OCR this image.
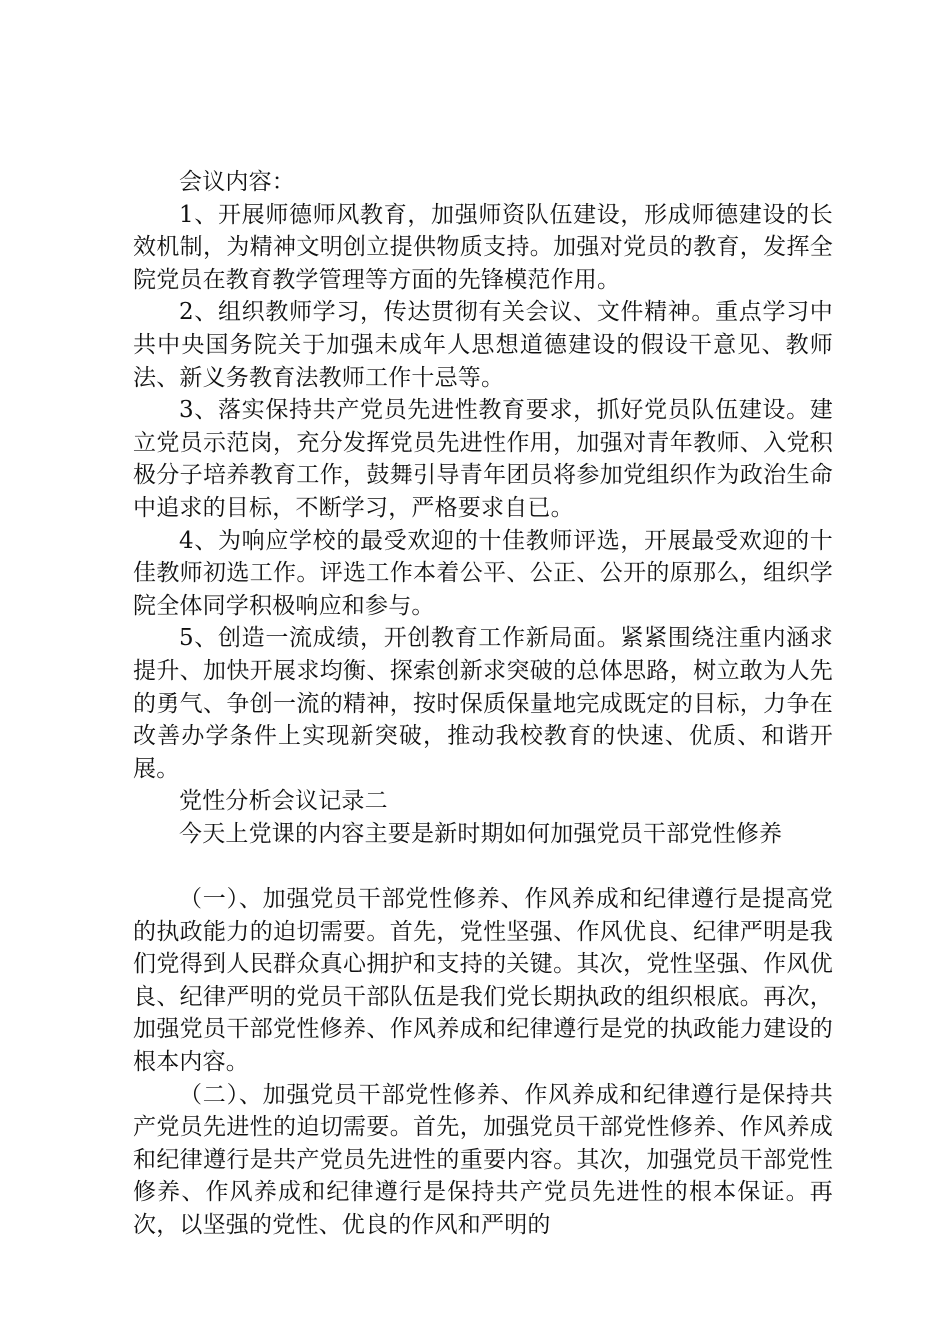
会议内容：

1、开展师德师风教育，加强师资队伍建设，形成师德建设的长效机制，为精神文明创立提供物质支持。加强对党员的教育，发挥全院党员在教育教学管理等方面的先锋模范作用。

2、组织教师学习，传达贯彻有关会议、文件精神。重点学习中共中央国务院关于加强未成年人思想道德建设的假设干意见、教师法、新义务教育法教师工作十忌等。

3、落实保持共产党员先进性教育要求，抓好党员队伍建设。建立党员示范岗，充分发挥党员先进性作用，加强对青年教师、入党积极分子培养教育工作，鼓舞引导青年团员将参加党组织作为政治生命中追求的目标，不断学习，严格要求自已。

4、为响应学校的最受欢迎的十佳教师评选，开展最受欢迎的十佳教师初选工作。评选工作本着公平、公正、公开的原那么，组织学院全体同学积极响应和参与。

5、创造一流成绩，开创教育工作新局面。紧紧围绕注重内涵求提升、加快开展求均衡、探索创新求突破的总体思路，树立敢为人先的勇气、争创一流的精神，按时保质保量地完成既定的目标，力争在改善办学条件上实现新突破，推动我校教育的快速、优质、和谐开展。

党性分析会议记录二

今天上党课的内容主要是新时期如何加强党员干部党性修养

（一）、加强党员干部党性修养、作风养成和纪律遵行是提高党的执政能力的迫切需要。首先，党性坚强、作风优良、纪律严明是我们党得到人民群众真心拥护和支持的关键。其次，党性坚强、作风优良、纪律严明的党员干部队伍是我们党长期执政的组织根底。再次，加强党员干部党性修养、作风养成和纪律遵行是党的执政能力建设的根本内容。

（二）、加强党员干部党性修养、作风养成和纪律遵行是保持共产党员先进性的迫切需要。首先，加强党员干部党性修养、作风养成和纪律遵行是共产党员先进性的重要内容。其次，加强党员干部党性修养、作风养成和纪律遵行是保持共产党员先进性的根本保证。再次，以坚强的党性、优良的作风和严明的
